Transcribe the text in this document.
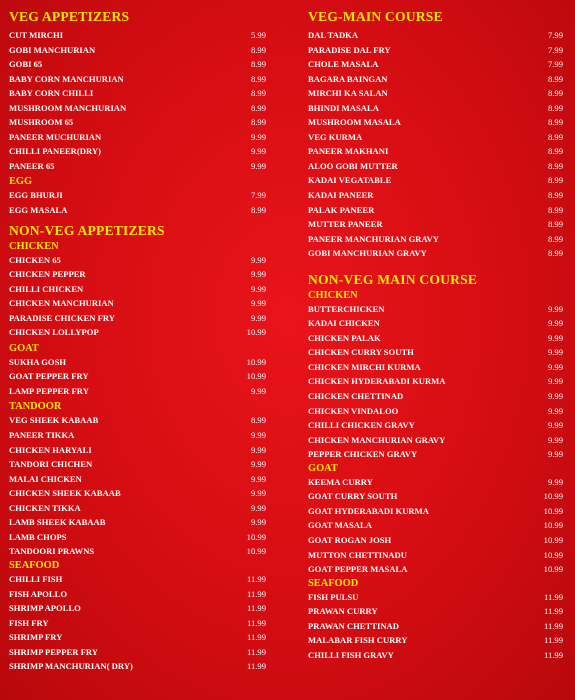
VEG APPETIZERS
CUT MIRCHI	5.99
GOBI MANCHURIAN	8.99
GOBI 65	8.99
BABY CORN MANCHURIAN	8.99
BABY CORN CHILLI	8.99
MUSHROOM MANCHURIAN	8.99
MUSHROOM 65	8.99
PANEER MUCHURIAN	9.99
CHILLI PANEER(DRY)	9.99
PANEER 65	9.99
EGG
EGG BHURJI	7.99
EGG MASALA	8.99
NON-VEG APPETIZERS
CHICKEN
CHICKEN 65	9.99
CHICKEN PEPPER	9.99
CHILLI CHICKEN	9.99
CHICKEN MANCHURIAN	9.99
PARADISE CHICKEN FRY	9.99
CHICKEN LOLLYPOP	10.99
GOAT
SUKHA GOSH	10.99
GOAT PEPPER FRY	10.99
LAMP PEPPER FRY	9.99
TANDOOR
VEG SHEEK KABAAB	8.99
PANEER TIKKA	9.99
CHICKEN HARYALI	9.99
TANDORI CHICHEN	9.99
MALAI CHICKEN	9.99
CHICKEN SHEEK KABAAB	9.99
CHICKEN TIKKA	9.99
LAMB SHEEK KABAAB	9.99
LAMB CHOPS	10.99
TANDOORI PRAWNS	10.99
SEAFOOD
CHILLI FISH	11.99
FISH APOLLO	11.99
SHRIMP APOLLO	11.99
FISH FRY	11.99
SHRIMP FRY	11.99
SHRIMP PEPPER FRY	11.99
SHRIMP MANCHURIAN( DRY)	11.99
VEG-MAIN COURSE
DAL TADKA	7.99
PARADISE DAL FRY	7.99
CHOLE MASALA	7.99
BAGARA BAINGAN	8.99
MIRCHI KA SALAN	8.99
BHINDI MASALA	8.99
MUSHROOM MASALA	8.99
VEG KURMA	8.99
PANEER MAKHANI	8.99
ALOO GOBI MUTTER	8.99
KADAI VEGATABLE	8.99
KADAI PANEER	8.99
PALAK PANEER	8.99
MUTTER PANEER	8.99
PANEER MANCHURIAN GRAVY	8.99
GOBI MANCHURIAN GRAVY	8.99
NON-VEG MAIN COURSE
CHICKEN
BUTTERCHICKEN	9.99
KADAI CHICKEN	9.99
CHICKEN PALAK	9.99
CHICKEN CURRY SOUTH	9.99
CHICKEN MIRCHI KURMA	9.99
CHICKEN HYDERABADI KURMA	9.99
CHICKEN CHETTINAD	9.99
CHICKEN VINDALOO	9.99
CHILLI CHICKEN GRAVY	9.99
CHICKEN MANCHURIAN GRAVY	9.99
PEPPER CHICKEN GRAVY	9.99
GOAT
KEEMA CURRY	9.99
GOAT CURRY SOUTH	10.99
GOAT HYDERABADI KURMA	10.99
GOAT MASALA	10.99
GOAT ROGAN JOSH	10.99
MUTTON CHETTINADU	10.99
GOAT PEPPER MASALA	10.99
SEAFOOD
FISH PULSU	11.99
PRAWAN CURRY	11.99
PRAWAN CHETTINAD	11.99
MALABAR FISH CURRY	11.99
CHILLI FISH GRAVY	11.99
